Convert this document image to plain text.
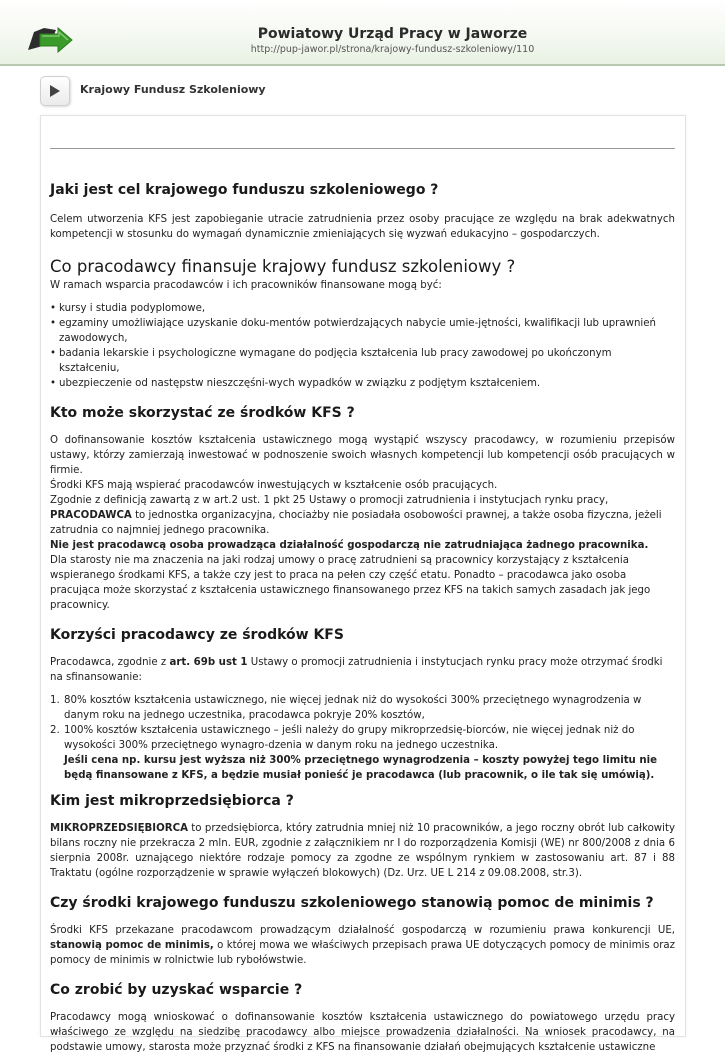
Powiatowy Urząd Pracy w Jaworze
http://pup-jawor.pl/strona/krajowy-fundusz-szkoleniowy/110
Krajowy Fundusz Szkoleniowy
Jaki jest cel krajowego funduszu szkoleniowego ?

Celem utworzenia KFS jest zapobieganie utracie zatrudnienia przez osoby pracujące ze względu na brak adekwatnych kompetencji w stosunku do wymagań dynamicznie zmieniających się wyzwań edukacyjno – gospodarczych.

Co pracodawcy finansuje krajowy fundusz szkoleniowy ?

W ramach wsparcia pracodawców i ich pracowników finansowane mogą być:

• kursy i studia podyplomowe,
• egzaminy umożliwiające uzyskanie doku-mentów potwierdzających nabycie umie-jętności, kwalifikacji lub uprawnień zawodowych,
• badania lekarskie i psychologiczne wymagane do podjęcia kształcenia lub pracy zawodowej po ukończonym kształceniu,
• ubezpieczenie od następstw nieszczęśni-wych wypadków w związku z podjętym kształceniem.
Kto może skorzystać ze środków KFS ?

O dofinansowanie kosztów kształcenia ustawicznego mogą wystąpić wszyscy pracodawcy, w rozumieniu przepisów ustawy, którzy zamierzają inwestować w podnoszenie swoich własnych kompetencji lub kompetencji osób pracujących w firmie.

Środki KFS mają wspierać pracodawców inwestujących w kształcenie osób pracujących.

Zgodnie z definicją zawartą z w art.2 ust. 1 pkt 25 Ustawy o promocji zatrudnienia i instytucjach rynku pracy, PRACODAWCA to jednostka organizacyjna, chociażby nie posiadała osobowości prawnej, a także osoba fizyczna, jeżeli zatrudnia co najmniej jednego pracownika.

Nie jest pracodawcą osoba prowadząca działalność gospodarczą nie zatrudniająca żadnego pracownika.

Dla starosty nie ma znaczenia na jaki rodzaj umowy o pracę zatrudnieni są pracownicy korzystający z kształcenia wspieranego środkami KFS, a także czy jest to praca na pełen czy część etatu. Ponadto – pracodawca jako osoba pracująca może skorzystać z kształcenia ustawicznego finansowanego przez KFS na takich samych zasadach jak jego pracownicy.

Korzyści pracodawcy ze środków KFS

Pracodawca, zgodnie z art. 69b ust 1 Ustawy o promocji zatrudnienia i instytucjach rynku pracy może otrzymać środki na sfinansowanie:

1. 80% kosztów kształcenia ustawicznego, nie więcej jednak niż do wysokości 300% przeciętnego wynagrodzenia w danym roku na jednego uczestnika, pracodawca pokryje 20% kosztów,
2. 100% kosztów kształcenia ustawicznego – jeśli należy do grupy mikroprzedsię-biorców, nie więcej jednak niż do wysokości 300% przeciętnego wynagro-dzenia w danym roku na jednego uczestnika.
Jeśli cena np. kursu jest wyższa niż 300% przeciętnego wynagrodzenia – koszty powyżej tego limitu nie będą finansowane z KFS, a będzie musiał ponieść je pracodawca (lub pracownik, o ile tak się umówią).
Kim jest mikroprzedsiębiorca ?

MIKROPRZEDSIĘBIORCA to przedsiębiorca, który zatrudnia mniej niż 10 pracowników, a jego roczny obrót lub całkowity bilans roczny nie przekracza 2 mln. EUR, zgodnie z załącznikiem nr I do rozporządzenia Komisji (WE) nr 800/2008 z dnia 6 sierpnia 2008r. uznającego niektóre rodzaje pomocy za zgodne ze wspólnym rynkiem w zastosowaniu art. 87 i 88 Traktatu (ogólne rozporządzenie w sprawie wyłączeń blokowych) (Dz. Urz. UE L 214 z 09.08.2008, str.3).

Czy środki krajowego funduszu szkoleniowego stanowią pomoc de minimis ?

Środki KFS przekazane pracodawcom prowadzącym działalność gospodarczą w rozumieniu prawa konkurencji UE, stanowią pomoc de minimis, o której mowa we właściwych przepisach prawa UE dotyczących pomocy de minimis oraz pomocy de minimis w rolnictwie lub rybołówstwie.

Co zrobić by uzyskać wsparcie ?

Pracodawcy mogą wnioskować o dofinansowanie kosztów kształcenia ustawicznego do powiatowego urzędu pracy właściwego ze względu na siedzibę pracodawcy albo miejsce prowadzenia działalności. Na wniosek pracodawcy, na podstawie umowy, starosta może przyznać środki z KFS na finansowanie działań obejmujących kształcenie ustawiczne
